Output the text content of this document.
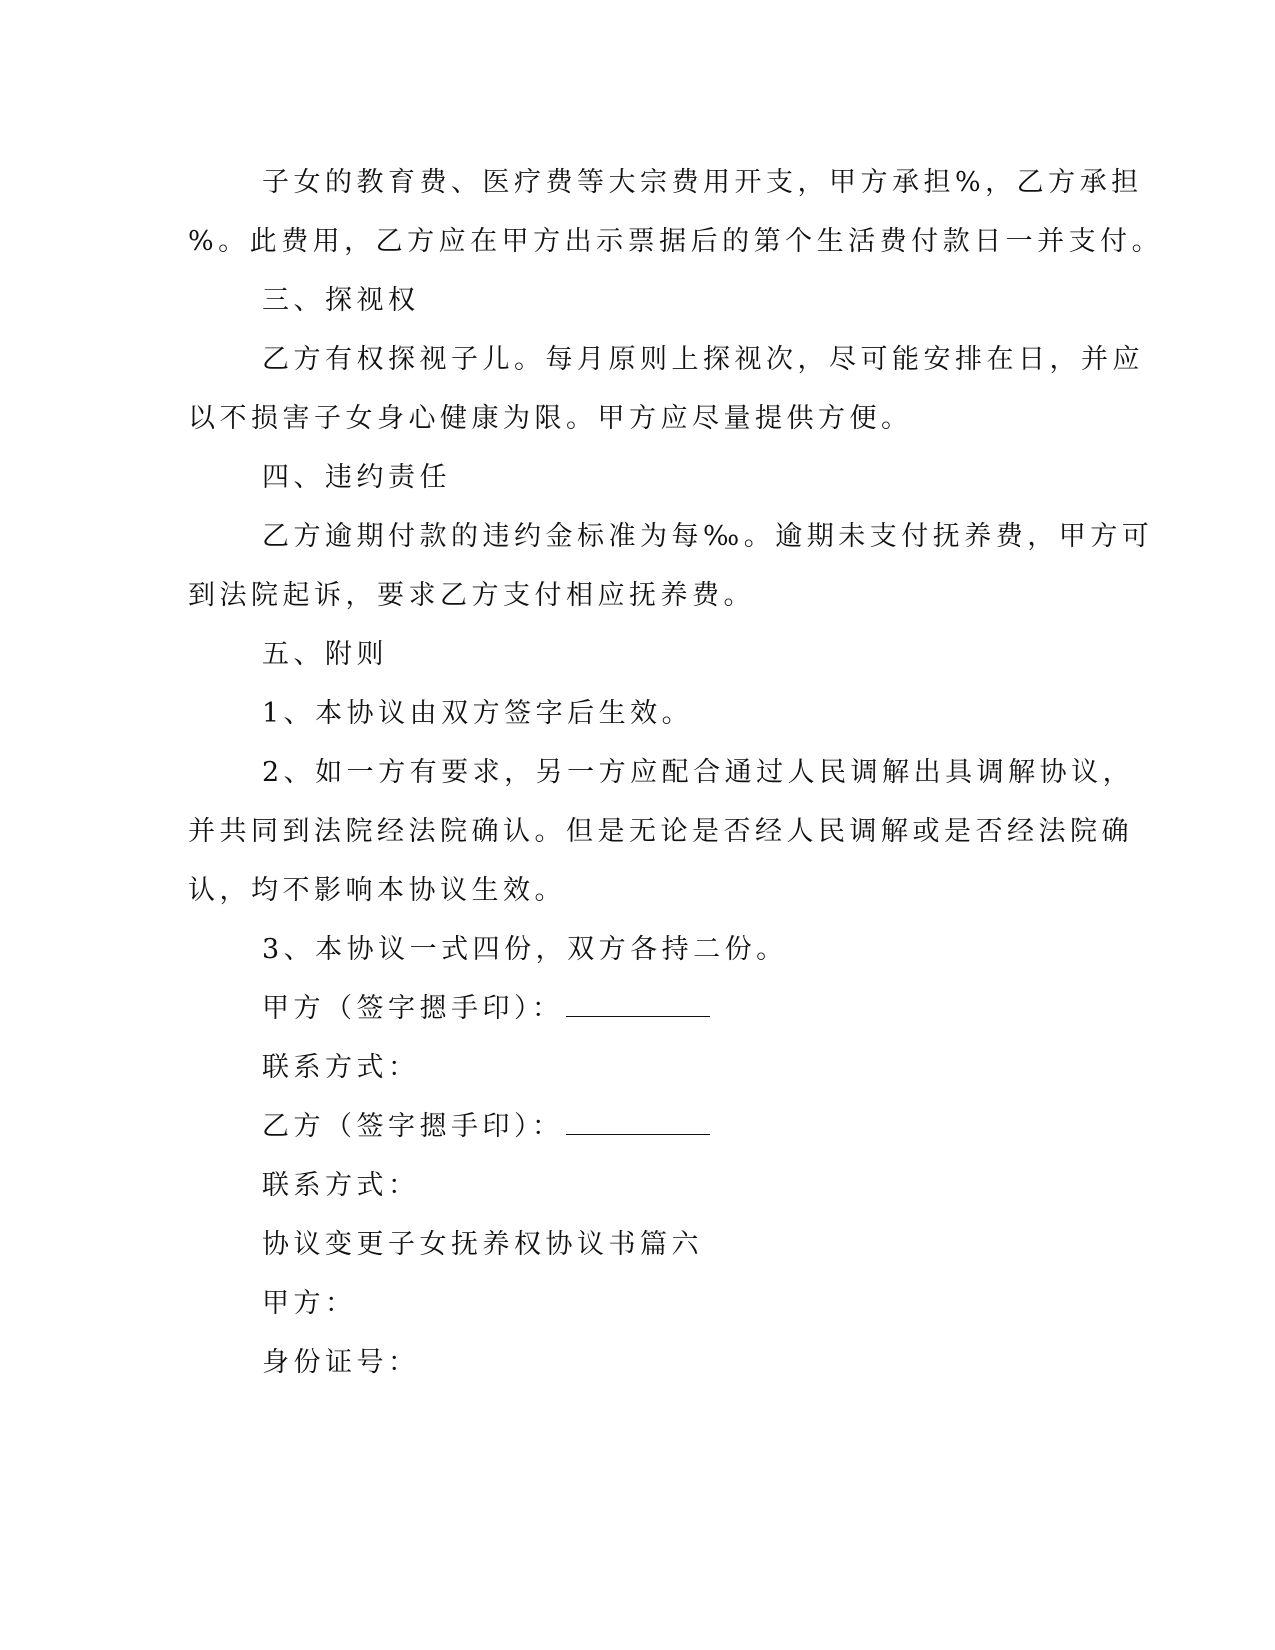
子女的教育费、医疗费等大宗费用开支，甲方承担%，乙方承担
%。此费用，乙方应在甲方出示票据后的第个生活费付款日一并支付。
三、探视权
乙方有权探视子儿。每月原则上探视次，尽可能安排在日，并应
以不损害子女身心健康为限。甲方应尽量提供方便。
四、违约责任
乙方逾期付款的违约金标准为每‰。逾期未支付抚养费，甲方可
到法院起诉，要求乙方支付相应抚养费。
五、附则
1、本协议由双方签字后生效。
2、如一方有要求，另一方应配合通过人民调解出具调解协议，
并共同到法院经法院确认。但是无论是否经人民调解或是否经法院确
认，均不影响本协议生效。
3、本协议一式四份，双方各持二份。
甲方（签字摁手印）：
联系方式：
乙方（签字摁手印）：
联系方式：
协议变更子女抚养权协议书篇六
甲方：
身份证号：
